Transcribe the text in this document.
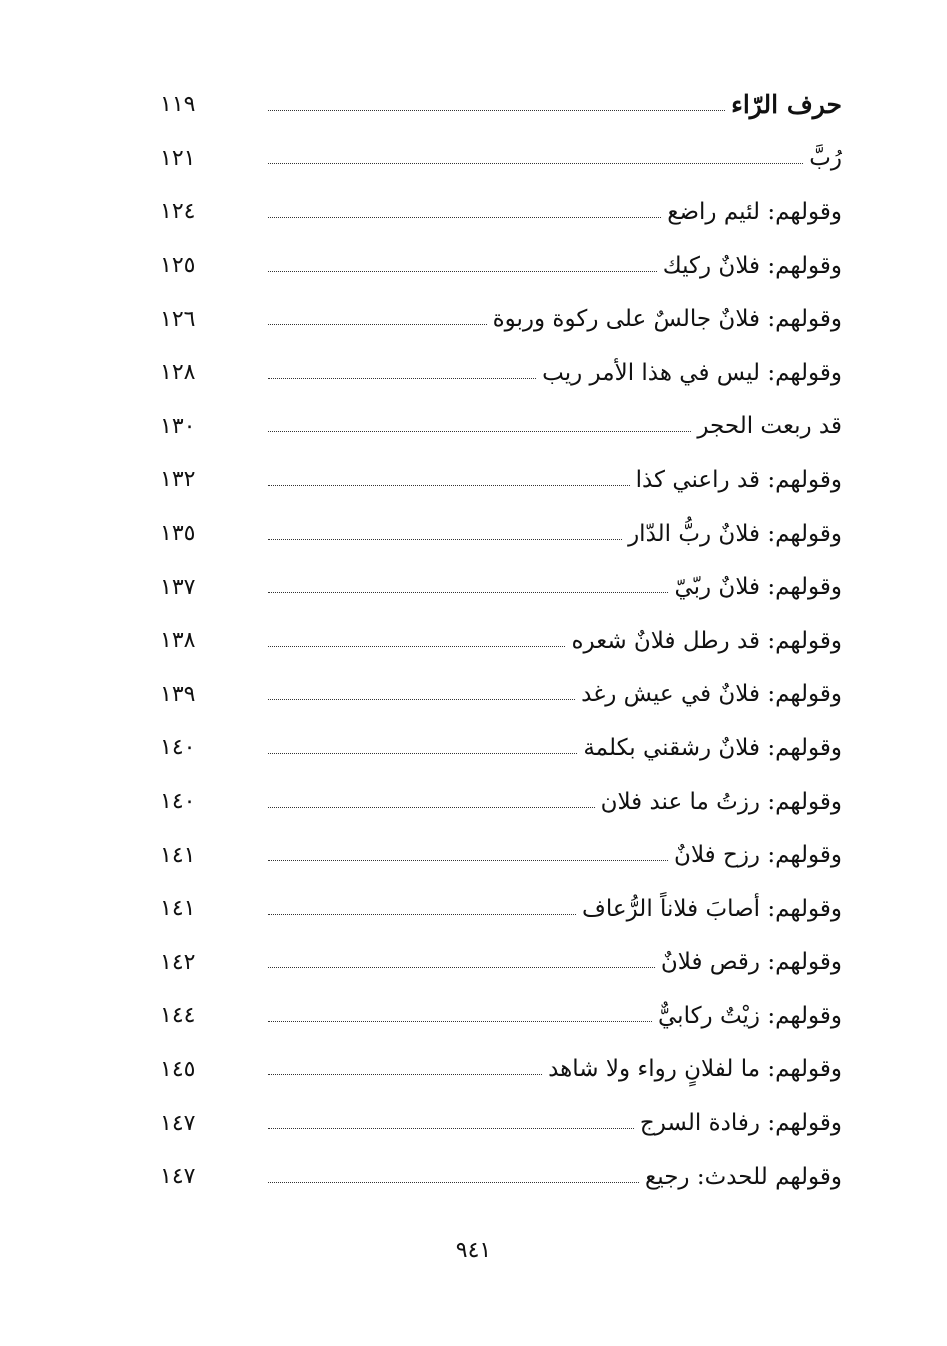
حرف الرّاء
١١٩
رُبَّ
١٢١
وقولهم: لئيم راضع
١٢٤
وقولهم: فلانٌ ركيك
١٢٥
وقولهم: فلانٌ جالسٌ على ركوة وربوة
١٢٦
وقولهم: ليس في هذا الأمر ريب
١٢٨
قد ربعت الحجر
١٣٠
وقولهم: قد راعني كذا
١٣٢
وقولهم: فلانٌ ربُّ الدّار
١٣٥
وقولهم: فلانٌ ربّيّ
١٣٧
وقولهم: قد رطل فلانٌ شعره
١٣٨
وقولهم: فلانٌ في عيش رغد
١٣٩
وقولهم: فلانٌ رشقني بكلمة
١٤٠
وقولهم: رزتُ ما عند فلان
١٤٠
وقولهم: رزح فلانٌ
١٤١
وقولهم: أصابَ فلاناً الرُّعاف
١٤١
وقولهم: رقص فلانٌ
١٤٢
وقولهم: زيْتٌ ركابيٌّ
١٤٤
وقولهم: ما لفلانٍ رواء ولا شاهد
١٤٥
وقولهم: رفادة السرج
١٤٧
وقولهم للحدث: رجيع
١٤٧
٩٤١
